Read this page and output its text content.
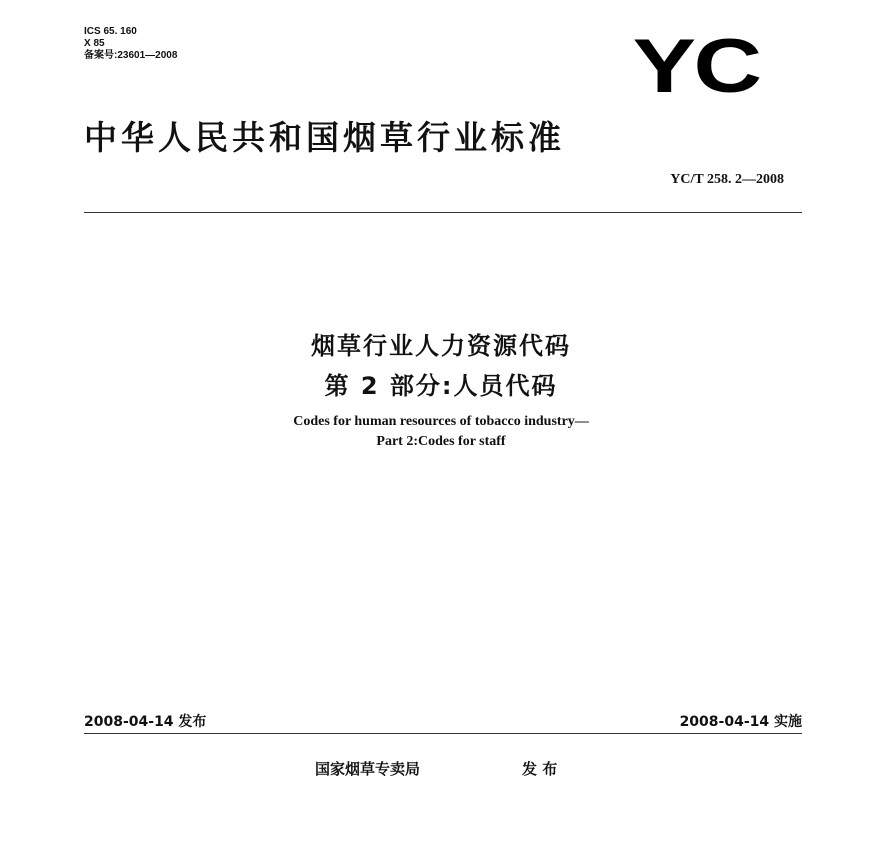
ICS 65. 160
X 85
备案号:23601—2008	YC
中华人民共和国烟草行业标准
YC/T 258. 2—2008
烟草行业人力资源代码
第 2 部分:人员代码
Codes for human resources of tobacco industry—
Part 2:Codes for staff
2008-04-14 发布	2008-04-14 实施
国家烟草专卖局	发 布
